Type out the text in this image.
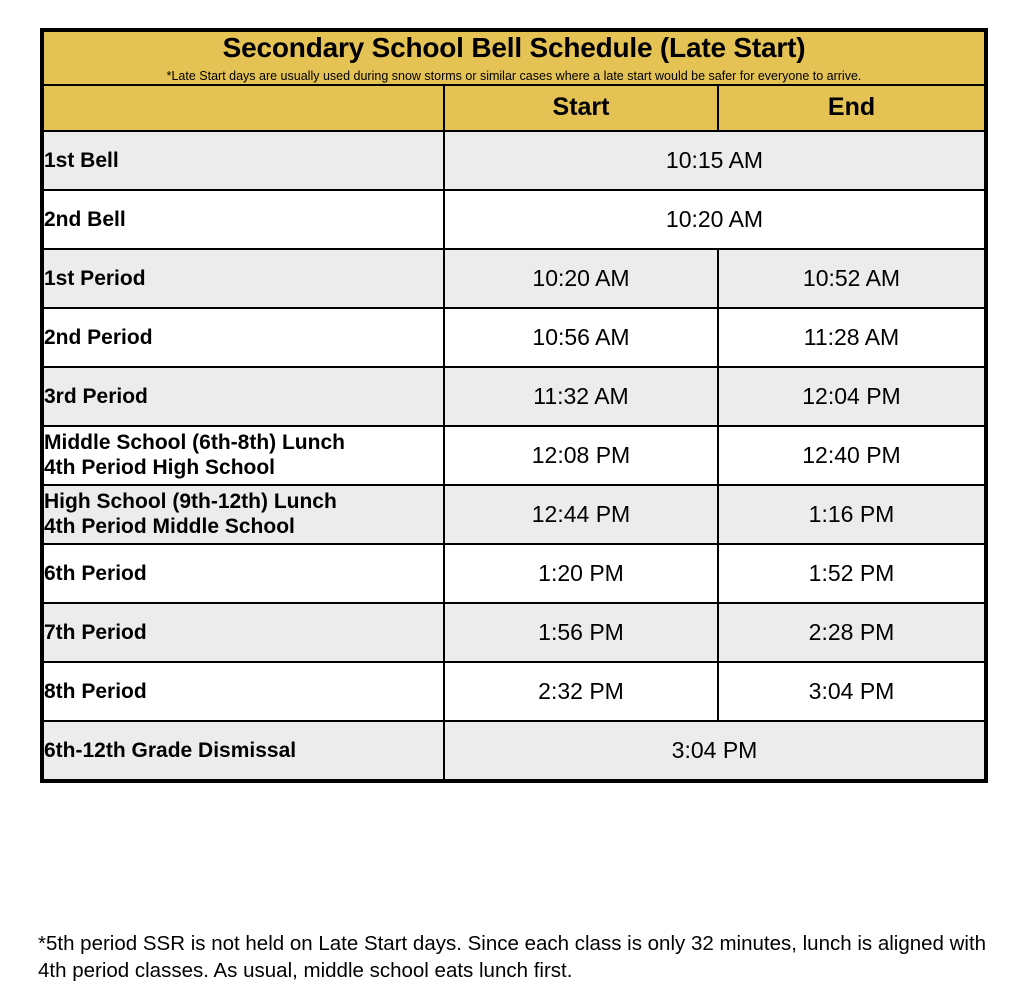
Secondary School Bell Schedule (Late Start)
*Late Start days are usually used during snow storms or similar cases where a late start would be safer for everyone to arrive.		

	Start	End
1st Bell	10:15 AM	
2nd Bell	10:20 AM	
1st Period	10:20 AM	10:52 AM
2nd Period	10:56 AM	11:28 AM
3rd Period	11:32 AM	12:04 PM
Middle School (6th-8th) Lunch
4th Period High School	12:08 PM	12:40 PM
High School (9th-12th) Lunch
4th Period Middle School	12:44 PM	1:16 PM
6th Period	1:20 PM	1:52 PM
7th Period	1:56 PM	2:28 PM
8th Period	2:32 PM	3:04 PM
6th-12th Grade Dismissal	3:04 PM	
*5th period SSR is not held on Late Start days. Since each class is only 32 minutes, lunch is aligned with 4th period classes. As usual, middle school eats lunch first.
